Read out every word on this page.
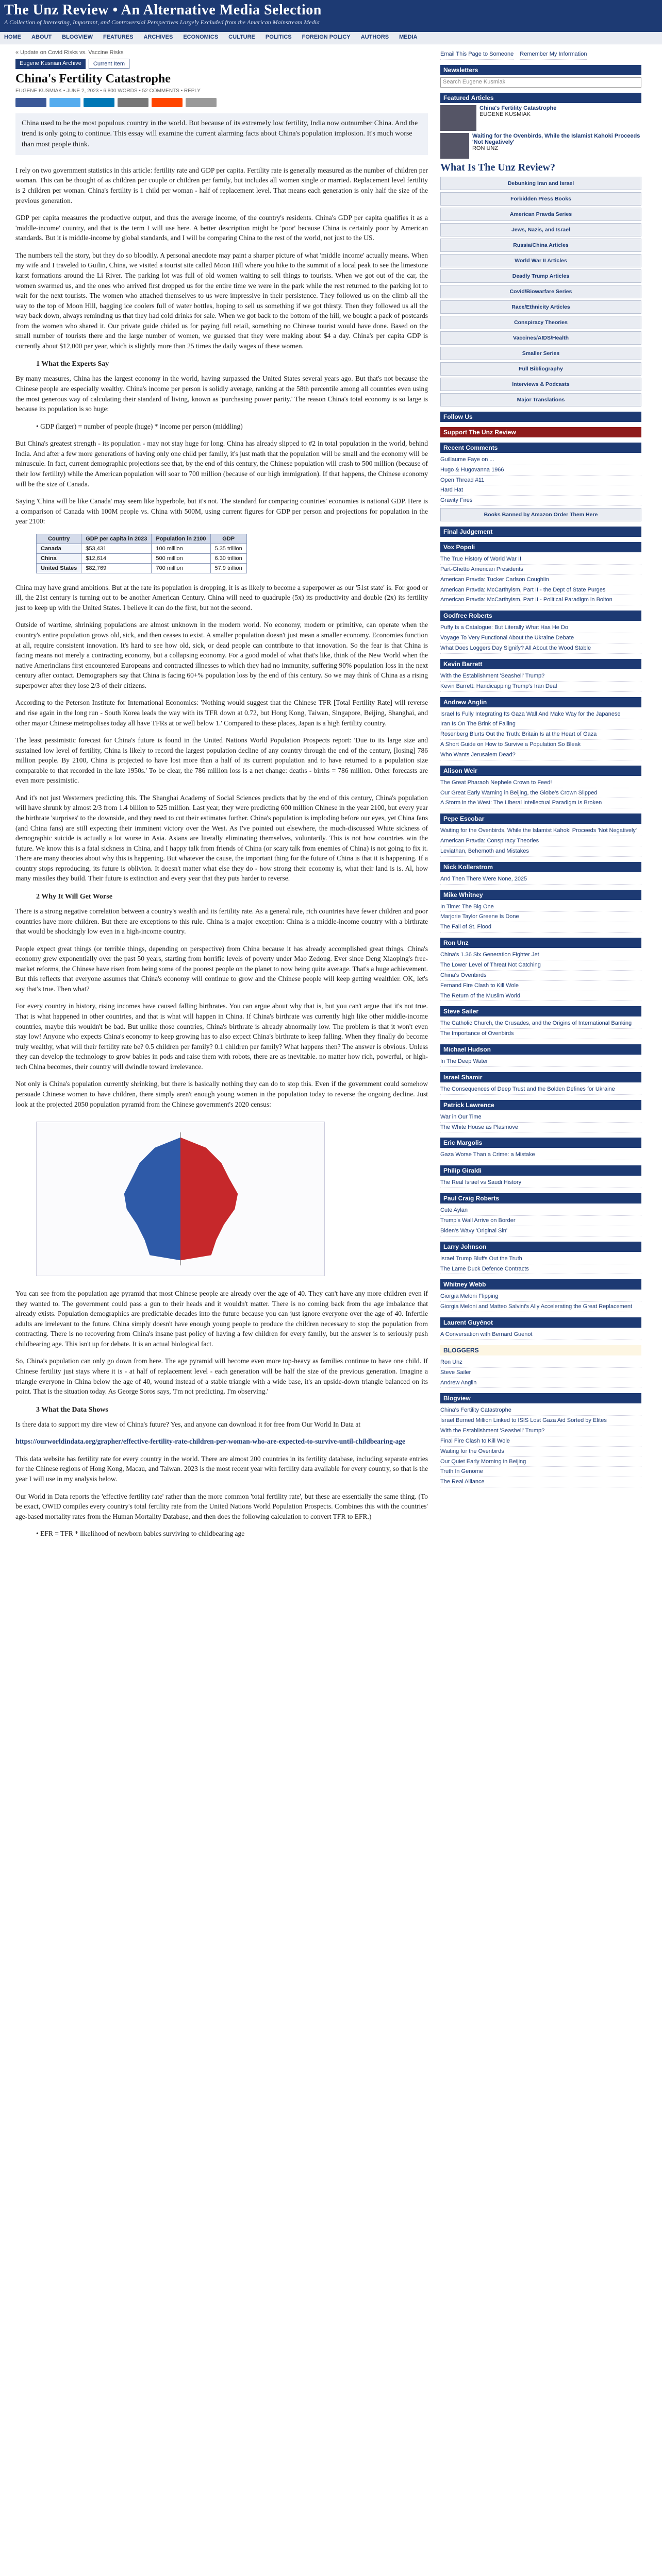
The Unz Review • An Alternative Media Selection
A Collection of Interesting, Important, and Controversial Perspectives Largely Excluded from the American Mainstream Media
HOME ABOUT BLOGVIEW FEATURES ARCHIVES ECONOMICS CULTURE POLITICS FOREIGN POLICY AUTHORS MEDIA
« Update on Covid Risks vs. Vaccine Risks
Eugene Kusnian Archive	Current Item
China's Fertility Catastrophe
EUGENE KUSMIAK • JUNE 2, 2023 • 6,800 WORDS • 52 COMMENTS • REPLY
China used to be the most populous country in the world. But because of its extremely low fertility, India now outnumber China. And the trend is only going to continue. This essay will examine the current alarming facts about China's population implosion. It's much worse than most people think.

I rely on two government statistics in this article: fertility rate and GDP per capita. Fertility rate is generally measured as the number of children per woman. This can be thought of as children per couple or children per family, but includes all women single or married. Replacement level fertility is 2 children per woman. China's fertility is 1 child per woman - half of replacement level. That means each generation is only half the size of the previous generation.

GDP per capita measures the productive output, and thus the average income, of the country's residents. China's GDP per capita qualifies it as a 'middle-income' country, and that is the term I will use here. A better description might be 'poor' because China is certainly poor by American standards. But it is middle-income by global standards, and I will be comparing China to the rest of the world, not just to the US.

The numbers tell the story, but they do so bloodily. A personal anecdote may paint a sharper picture of what 'middle income' actually means. When my wife and I traveled to Guilin, China, we visited a tourist site called Moon Hill where you hike to the summit of a local peak to see the limestone karst formations around the Li River. The parking lot was full of old women waiting to sell things to tourists. When we got out of the car, the women swarmed us, and the ones who arrived first dropped us for the entire time we were in the park while the rest returned to the parking lot to wait for the next tourists. The women who attached themselves to us were impressive in their persistence. They followed us on the climb all the way to the top of Moon Hill, bagging ice coolers full of water bottles, hoping to sell us something if we got thirsty. Then they followed us all the way back down, always reminding us that they had cold drinks for sale. When we got back to the bottom of the hill, we bought a pack of postcards from the women who shared it. Our private guide chided us for paying full retail, something no Chinese tourist would have done. Based on the small number of tourists there and the large number of women, we guessed that they were making about $4 a day. China's per capita GDP is currently about $12,000 per year, which is slightly more than 25 times the daily wages of these women.

1 What the Experts Say

By many measures, China has the largest economy in the world, having surpassed the United States several years ago. But that's not because the Chinese people are especially wealthy. China's income per person is solidly average, ranking at the 58th percentile among all countries even using the most generous way of calculating their standard of living, known as 'purchasing power parity.' The reason China's total economy is so large is because its population is so huge:

• GDP (larger) = number of people (huge) * income per person (middling)

But China's greatest strength - its population - may not stay huge for long. China has already slipped to #2 in total population in the world, behind India. And after a few more generations of having only one child per family, it's just math that the population will be small and the economy will be minuscule. In fact, current demographic projections see that, by the end of this century, the Chinese population will crash to 500 million (because of their low fertility) while the American population will soar to 700 million (because of our high immigration). If that happens, the Chinese economy will be the size of Canada.

Saying 'China will be like Canada' may seem like hyperbole, but it's not. The standard for comparing countries' economies is national GDP. Here is a comparison of Canada with 100M people vs. China with 500M, using current figures for GDP per person and projections for population in the year 2100:

Country	GDP per capita in 2023	Population in 2100	GDP
Canada	$53,431	100 million	5.35 trillion
China	$12,614	500 million	6.30 trillion
United States	$82,769	700 million	57.9 trillion

China may have grand ambitions. But at the rate its population is dropping, it is as likely to become a superpower as our '51st state' is. For good or ill, the 21st century is turning out to be another American Century. China will need to quadruple (5x) its productivity and double (2x) its fertility just to keep up with the United States. I believe it can do the first, but not the second.

Outside of wartime, shrinking populations are almost unknown in the modern world. No economy, modern or primitive, can operate when the country's entire population grows old, sick, and then ceases to exist. A smaller population doesn't just mean a smaller economy. Economies function at all, require consistent innovation. It's hard to see how old, sick, or dead people can contribute to that innovation. So the fear is that China is facing means not merely a contracting economy, but a collapsing economy. For a good model of what that's like, think of the New World when the native Amerindians first encountered Europeans and contracted illnesses to which they had no immunity, suffering 90% population loss in the next century after contact. Demographers say that China is facing 60+% population loss by the end of this century. So we may think of China as a rising superpower after they lose 2/3 of their citizens.

According to the Peterson Institute for International Economics: 'Nothing would suggest that the Chinese TFR [Total Fertility Rate] will reverse and rise again in the long run - South Korea leads the way with its TFR down at 0.72, but Hong Kong, Taiwan, Singapore, Beijing, Shanghai, and other major Chinese metropolises today all have TFRs at or well below 1.' Compared to these places, Japan is a high fertility country.

The least pessimistic forecast for China's future is found in the United Nations World Population Prospects report: 'Due to its large size and sustained low level of fertility, China is likely to record the largest population decline of any country through the end of the century, [losing] 786 million people. By 2100, China is projected to have lost more than a half of its current population and to have returned to a population size comparable to that recorded in the late 1950s.' To be clear, the 786 million loss is a net change: deaths - births = 786 million. Other forecasts are even more pessimistic.

And it's not just Westerners predicting this. The Shanghai Academy of Social Sciences predicts that by the end of this century, China's population will have shrunk by almost 2/3 from 1.4 billion to 525 million. Last year, they were predicting 600 million Chinese in the year 2100, but every year the birthrate 'surprises' to the downside, and they need to cut their estimates further. China's population is imploding before our eyes, yet China fans (and China fans) are still expecting their imminent victory over the West. As I've pointed out elsewhere, the much-discussed White sickness of demographic suicide is actually a lot worse in Asia. Asians are literally eliminating themselves, voluntarily. This is not how countries win the future. We know this is a fatal sickness in China, and I happy talk from friends of China (or scary talk from enemies of China) is not going to fix it. There are many theories about why this is happening. But whatever the cause, the important thing for the future of China is that it is happening. If a country stops reproducing, its future is oblivion. It doesn't matter what else they do - how strong their economy is, what their land is is. Al, how many missiles they build. Their future is extinction and every year that they puts harder to reverse.

2 Why It Will Get Worse

There is a strong negative correlation between a country's wealth and its fertility rate. As a general rule, rich countries have fewer children and poor countries have more children. But there are exceptions to this rule. China is a major exception: China is a middle-income country with a birthrate that would be shockingly low even in a high-income country.

People expect great things (or terrible things, depending on perspective) from China because it has already accomplished great things. China's economy grew exponentially over the past 50 years, starting from horrific levels of poverty under Mao Zedong. Ever since Deng Xiaoping's free-market reforms, the Chinese have risen from being some of the poorest people on the planet to now being quite average. That's a huge achievement. But this reflects that everyone assumes that China's economy will continue to grow and the Chinese people will keep getting wealthier. OK, let's say that's true. Then what?

For every country in history, rising incomes have caused falling birthrates. You can argue about why that is, but you can't argue that it's not true. That is what happened in other countries, and that is what will happen in China. If China's birthrate was currently high like other middle-income countries, maybe this wouldn't be bad. But unlike those countries, China's birthrate is already abnormally low. The problem is that it won't even stay low! Anyone who expects China's economy to keep growing has to also expect China's birthrate to keep falling. When they finally do become truly wealthy, what will their fertility rate be? 0.5 children per family? 0.1 children per family? What happens then? The answer is obvious. Unless they can develop the technology to grow babies in pods and raise them with robots, there are as inevitable. no matter how rich, powerful, or high-tech China becomes, their country will dwindle toward irrelevance.

Not only is China's population currently shrinking, but there is basically nothing they can do to stop this. Even if the government could somehow persuade Chinese women to have children, there simply aren't enough young women in the population today to reverse the ongoing decline. Just look at the projected 2050 population pyramid from the Chinese government's 2020 census:

You can see from the population age pyramid that most Chinese people are already over the age of 40. They can't have any more children even if they wanted to. The government could pass a gun to their heads and it wouldn't matter. There is no coming back from the age imbalance that already exists. Population demographics are predictable decades into the future because you can just ignore everyone over the age of 40. Infertile adults are irrelevant to the future. China simply doesn't have enough young people to produce the children necessary to stop the population from contracting. There is no recovering from China's insane past policy of having a few children for every family, but the answer is to seriously push childbearing age. This isn't up for debate. It is an actual biological fact.

So, China's population can only go down from here. The age pyramid will become even more top-heavy as families continue to have one child. If Chinese fertility just stays where it is - at half of replacement level - each generation will be half the size of the previous generation. Imagine a triangle everyone in China below the age of 40, wound instead of a stable triangle with a wide base, it's an upside-down triangle balanced on its point. That is the situation today. As George Soros says, 'I'm not predicting. I'm observing.'

3 What the Data Shows

Is there data to support my dire view of China's future? Yes, and anyone can download it for free from Our World In Data at

https://ourworldindata.org/grapher/effective-fertility-rate-children-per-woman-who-are-expected-to-survive-until-childbearing-age

This data website has fertility rate for every country in the world. There are almost 200 countries in its fertility database, including separate entries for the Chinese regions of Hong Kong, Macau, and Taiwan. 2023 is the most recent year with fertility data available for every country, so that is the year I will use in my analysis below.

Our World in Data reports the 'effective fertility rate' rather than the more common 'total fertility rate', but these are essentially the same thing. (To be exact, OWID compiles every country's total fertility rate from the United Nations World Population Prospects. Combines this with the countries' age-based mortality rates from the Human Mortality Database, and then does the following calculation to convert TFR to EFR.)

• EFR = TFR * likelihood of newborn babies surviving to childbearing age

Email This Page to Someone Remember My Information
Newsletters
Search Eugene Kusmiak
Featured Articles
China's Fertility Catastrophe
EUGENE KUSMIAK
Waiting for the Ovenbirds, While the Islamist Kahoki Proceeds 'Not Negatively'
RON UNZ
What Is The Unz Review?
Debunking Iran and Israel
Forbidden Press Books
American Pravda Series
Jews, Nazis, and Israel
Russia/China Articles
World War II Articles
Deadly Trump Articles
Covid/Biowarfare Series
Race/Ethnicity Articles
Conspiracy Theories
Vaccines/AIDS/Health
Smaller Series
Full Bibliography
Interviews & Podcasts
Major Translations
Follow Us
Support The Unz Review
Recent Comments
Guillaume Faye on ...
Hugo & Hugovanna 1966
Open Thread #11
Hard Hat
Gravity Fires
Books Banned by Amazon Order Them Here
Final Judgement
Vox Popoli
The True History of World War II
Part-Ghetto American Presidents
American Pravda: Tucker Carlson Coughlin
American Pravda: McCarthyism, Part II - the Dept of State Purges
American Pravda: McCarthyism, Part II - Political Paradigm in Bolton
Godfree Roberts
Puffy Is a Catalogue: But Literally What Has He Do
Voyage To Very Functional About the Ukraine Debate
What Does Loggers Day Signify? All About the Wood Stable
Kevin Barrett
With the Establishment 'Seashell' Trump?
Kevin Barrett: Handicapping Trump's Iran Deal
Andrew Anglin
Israel Is Fully Integrating Its Gaza Wall And Make Way for the Japanese
Iran Is On The Brink of Failing
Rosenberg Blurts Out the Truth: Britain Is at the Heart of Gaza
A Short Guide on How to Survive a Population So Bleak
Who Wants Jerusalem Dead?
Alison Weir
The Great Pharaoh Nephele Crown to Feed!
Our Great Early Warning in Beijing, the Globe's Crown Slipped
A Storm in the West: The Liberal Intellectual Paradigm Is Broken
Pepe Escobar
Waiting for the Ovenbirds, While the Islamist Kahoki Proceeds 'Not Negatively'
American Pravda: Conspiracy Theories
Leviathan, Behemoth and Mistakes
Nick Kollerstrom
And Then There Were None, 2025
Mike Whitney
In Time: The Big One
Marjorie Taylor Greene Is Done
The Fall of St. Flood
Ron Unz
China's 1.36 Six Generation Fighter Jet
The Lower Level of Threat Not Catching
China's Ovenbirds
Fernand Fire Clash to Kill Wole
The Return of the Muslim World
Steve Sailer
The Catholic Church, the Crusades, and the Origins of International Banking
The Importance of Ovenbirds
Michael Hudson
In The Deep Water
Israel Shamir
The Consequences of Deep Trust and the Bolden Defines for Ukraine
Patrick Lawrence
War in Our Time
The White House as Plasmove
Eric Margolis
Gaza Worse Than a Crime: a Mistake
Philip Giraldi
The Real Israel vs Saudi History
Paul Craig Roberts
Cute Aylan
Trump's Wall Arrive on Border
Biden's Wavy 'Original Sin'
Larry Johnson
Israel Trump Bluffs Out the Truth
The Lame Duck Defence Contracts
Whitney Webb
Giorgia Meloni Flipping
Giorgia Meloni and Matteo Salvini's Ally Accelerating the Great Replacement
Laurent Guyénot
A Conversation with Bernard Guenot
BLOGGERS
Ron Unz
Steve Sailer
Andrew Anglin
Blogview
China's Fertility Catastrophe
Israel Burned Million Linked to ISIS Lost Gaza Aid Sorted by Elites
With the Establishment 'Seashell' Trump?
Final Fire Clash to Kill Wole
Waiting for the Ovenbirds
Our Quiet Early Morning in Beijing
Truth In Genome
The Real Alliance
